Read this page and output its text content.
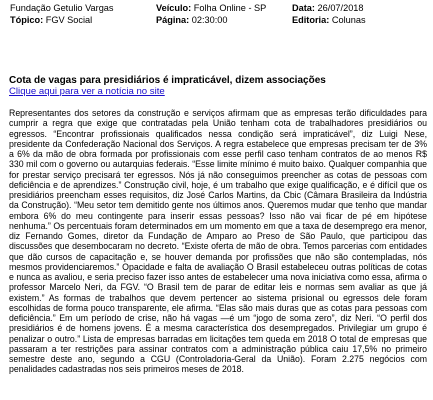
Fundação Getulio Vargas	Veículo: Folha Online - SP	Data: 26/07/2018
Tópico: FGV Social	Página: 02:30:00	Editoria: Colunas
Cota de vagas para presidiários é impraticável, dizem associações
Clique aqui para ver a notícia no site
Representantes dos setores da construção e serviços afirmam que as empresas terão dificuldades para cumprir a regra que exige que contratadas pela União tenham cota de trabalhadores presidiários ou egressos. “Encontrar profissionais qualificados nessa condição será impraticável”, diz Luigi Nese, presidente da Confederação Nacional dos Serviços. A regra estabelece que empresas precisam ter de 3% a 6% da mão de obra formada por profissionais com esse perfil caso tenham contratos de ao menos R$ 330 mil com o governo ou autarquias federais. “Esse limite mínimo é muito baixo. Qualquer companhia que for prestar serviço precisará ter egressos. Nós já não conseguimos preencher as cotas de pessoas com deficiência e de aprendizes.” Construção civil, hoje, é um trabalho que exige qualificação, e é difícil que os presidiários preencham esses requisitos, diz José Carlos Martins, da Cbic (Câmara Brasileira da Indústria da Construção). “Meu setor tem demitido gente nos últimos anos. Queremos mudar que tenho que mandar embora 6% do meu contingente para inserir essas pessoas? Isso não vai ficar de pé em hipótese nenhuma.” Os percentuais foram determinados em um momento em que a taxa de desemprego era menor, diz Fernando Gomes, diretor da Fundação de Amparo ao Preso de São Paulo, que participou das discussões que desembocaram no decreto. “Existe oferta de mão de obra. Temos parcerias com entidades que dão cursos de capacitação e, se houver demanda por profissões que não são contempladas, nós mesmos providenciaremos.” Opacidade e falta de avaliação O Brasil estabeleceu outras políticas de cotas e nunca as avaliou, e seria preciso fazer isso antes de estabelecer uma nova iniciativa como essa, afirma o professor Marcelo Neri, da FGV. “O Brasil tem de parar de editar leis e normas sem avaliar as que já existem.” As formas de trabalhos que devem pertencer ao sistema prisional ou egressos dele foram escolhidas de forma pouco transparente, ele afirma. “Elas são mais duras que as cotas para pessoas com deficiência.” Em um período de crise, não há vagas —é um “jogo de soma zero”, diz Neri. “O perfil dos presidiários é de homens jovens. É a mesma característica dos desempregados. Privilegiar um grupo é penalizar o outro.” Lista de empresas barradas em licitações tem queda em 2018 O total de empresas que passaram a ter restrições para assinar contratos com a administração pública caiu 17,5% no primeiro semestre deste ano, segundo a CGU (Controladoria-Geral da União). Foram 2.275 negócios com penalidades cadastradas nos seis primeiros meses de 2018.
